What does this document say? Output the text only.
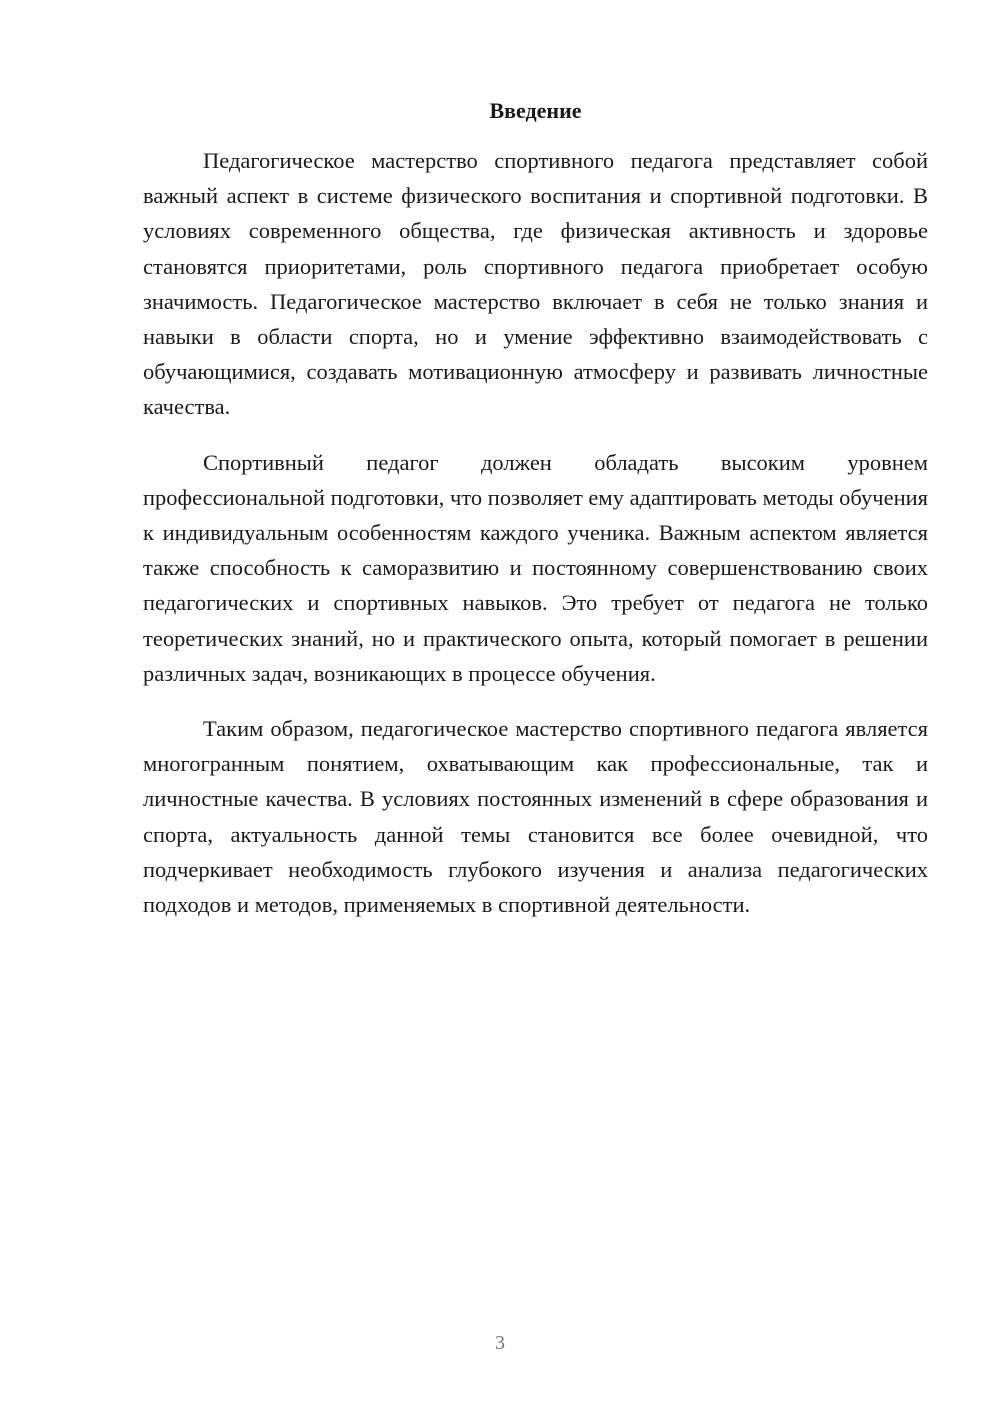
Введение

Педагогическое мастерство спортивного педагога представляет собой важный аспект в системе физического воспитания и спортивной подготовки. В условиях современного общества, где физическая активность и здоровье становятся приоритетами, роль спортивного педагога приобретает особую значимость. Педагогическое мастерство включает в себя не только знания и навыки в области спорта, но и умение эффективно взаимодействовать с обучающимися, создавать мотивационную атмосферу и развивать личностные качества.

Спортивный педагог должен обладать высоким уровнем профессиональной подготовки, что позволяет ему адаптировать методы обучения к индивидуальным особенностям каждого ученика. Важным аспектом является также способность к саморазвитию и постоянному совершенствованию своих педагогических и спортивных навыков. Это требует от педагога не только теоретических знаний, но и практического опыта, который помогает в решении различных задач, возникающих в процессе обучения.

Таким образом, педагогическое мастерство спортивного педагога является многогранным понятием, охватывающим как профессиональные, так и личностные качества. В условиях постоянных изменений в сфере образования и спорта, актуальность данной темы становится все более очевидной, что подчеркивает необходимость глубокого изучения и анализа педагогических подходов и методов, применяемых в спортивной деятельности.

3
